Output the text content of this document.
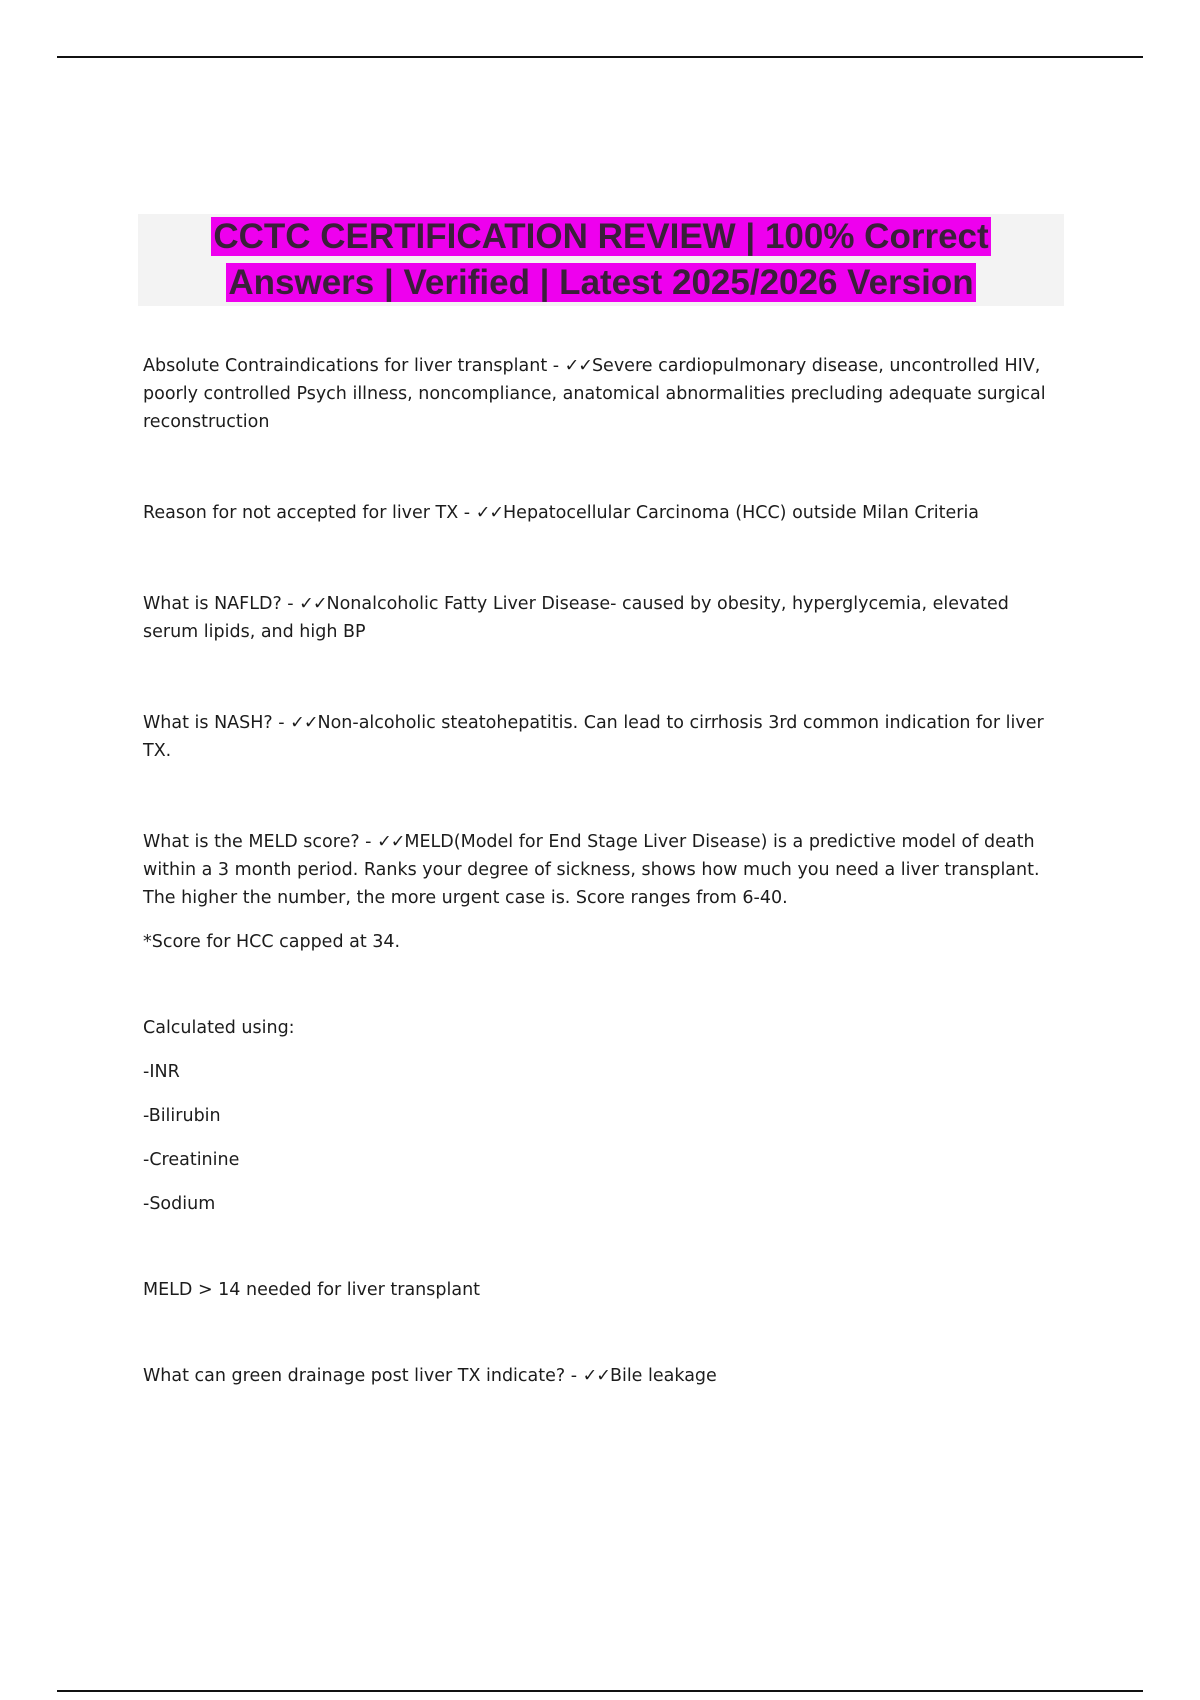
CCTC CERTIFICATION REVIEW | 100% Correct
Answers | Verified | Latest 2025/2026 Version

Absolute Contraindications for liver transplant - ✓✓Severe cardiopulmonary disease, uncontrolled HIV, poorly controlled Psych illness, noncompliance, anatomical abnormalities precluding adequate surgical reconstruction

Reason for not accepted for liver TX - ✓✓Hepatocellular Carcinoma (HCC) outside Milan Criteria

What is NAFLD? - ✓✓Nonalcoholic Fatty Liver Disease- caused by obesity, hyperglycemia, elevated serum lipids, and high BP

What is NASH? - ✓✓Non-alcoholic steatohepatitis. Can lead to cirrhosis 3rd common indication for liver TX.

What is the MELD score? - ✓✓MELD(Model for End Stage Liver Disease) is a predictive model of death within a 3 month period. Ranks your degree of sickness, shows how much you need a liver transplant. The higher the number, the more urgent case is. Score ranges from 6-40.

*Score for HCC capped at 34.

Calculated using:

-INR

-Bilirubin

-Creatinine

-Sodium

MELD > 14 needed for liver transplant

What can green drainage post liver TX indicate? - ✓✓Bile leakage
